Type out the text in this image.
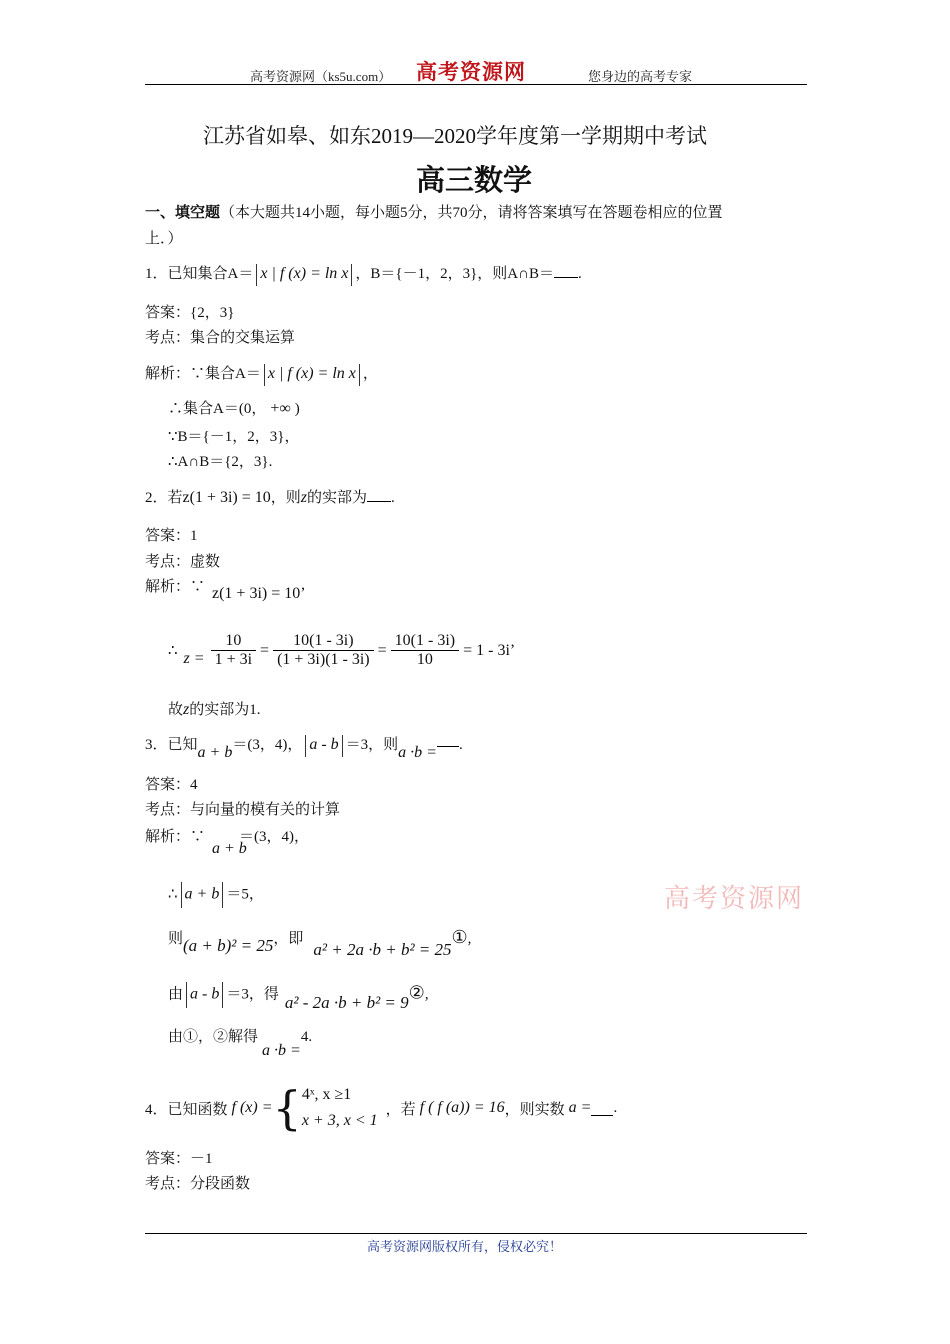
高考资源网（ks5u.com） 高考资源网	您身边的高考专家
江苏省如皋、如东2019—2020学年度第一学期期中考试
高三数学
一、填空题（本大题共14小题，每小题5分，共70分，请将答案填写在答题卷相应的位置
上．）
1．已知集合A＝ x | f (x) = ln x ，B＝{－1，2，3}，则A∩B＝ .
答案：{2，3}
考点：集合的交集运算
解析：∵集合A＝ x | f (x) = ln x ，
∴集合A＝(0， +∞ )
∵B＝{－1，2，3}，
∴A∩B＝{2，3}.
2．若z(1 + 3i) = 10，则z的实部为 .
答案：1
考点：虚数
解析：∵ z(1 + 3i) = 10’
∴ $z = \frac{10}{1 + 3i} = \frac{10(1 - 3i)}{(1 + 3i)(1 - 3i)} = \frac{10(1 - 3i)}{10} = 1 - 3i$ ’
故z的实部为1.
3．已知a + b＝(3，4)， a - b ＝3，则a ·b = .
答案：4
考点：与向量的模有关的计算
解析：∵ ＝(3，4)，
a + b
∴ a + b ＝5，
则(a + b)² = 25，即a² + 2a ·b + b² = 25①,
由 a - b ＝3，得 a² - 2a ·b + b² = 9②,
由①，②解得a ·b =4.
高考资源网
4． 已知函数 f (x) = { 4ˣ, x ≥1
x + 3, x < 1
，若 f ( f (a)) = 16 ，则实数 a = .
答案：－1
考点：分段函数
高考资源网版权所有，侵权必究！
